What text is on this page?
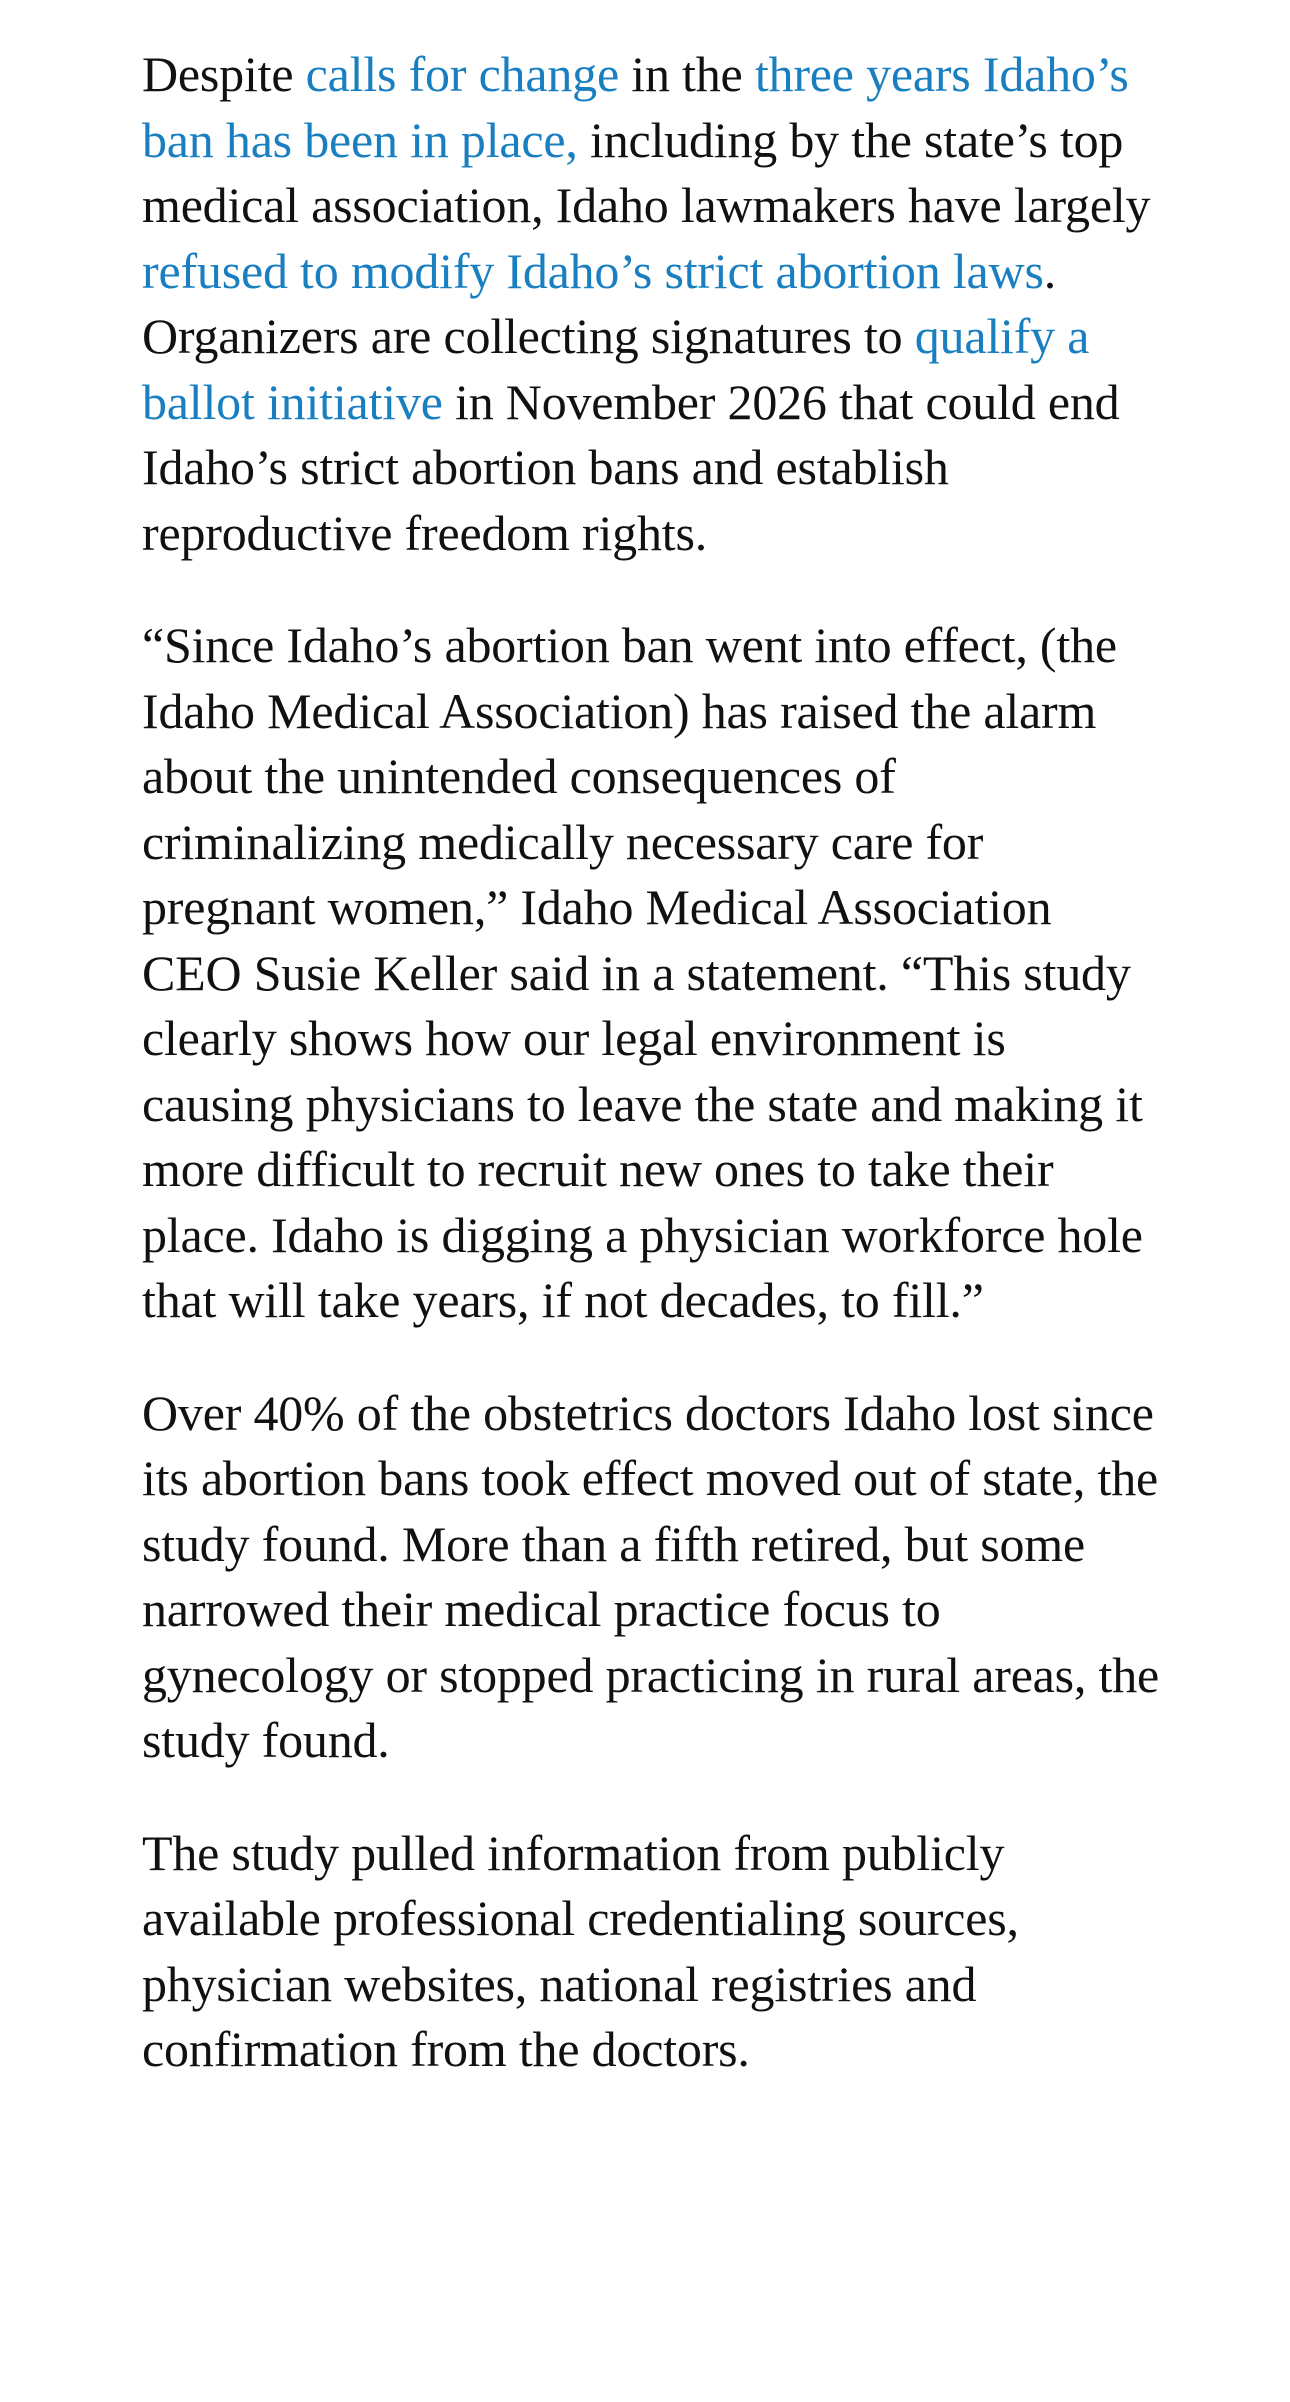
Despite calls for change in the three years Idaho’s ban has been in place, including by the state’s top medical association, Idaho lawmakers have largely refused to modify Idaho’s strict abortion laws. Organizers are collecting signatures to qualify a ballot initiative in November 2026 that could end Idaho’s strict abortion bans and establish reproductive freedom rights.

“Since Idaho’s abortion ban went into effect, (the Idaho Medical Association) has raised the alarm about the unintended consequences of criminalizing medically necessary care for pregnant women,” Idaho Medical Association CEO Susie Keller said in a statement. “This study clearly shows how our legal environment is causing physicians to leave the state and making it more difficult to recruit new ones to take their place. Idaho is digging a physician workforce hole that will take years, if not decades, to fill.”

Over 40% of the obstetrics doctors Idaho lost since its abortion bans took effect moved out of state, the study found. More than a fifth retired, but some narrowed their medical practice focus to gynecology or stopped practicing in rural areas, the study found.

The study pulled information from publicly available professional credentialing sources, physician websites, national registries and confirmation from the doctors.
